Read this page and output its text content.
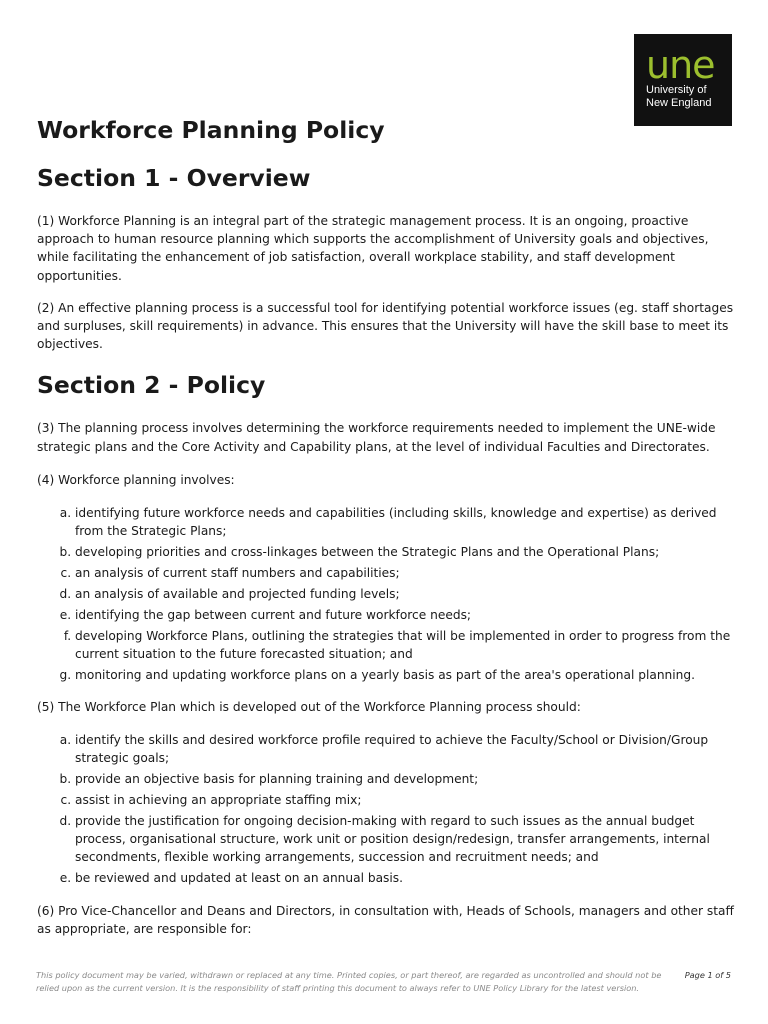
une
University of
New England
Workforce Planning Policy
Section 1 - Overview

(1) Workforce Planning is an integral part of the strategic management process. It is an ongoing, proactive approach to human resource planning which supports the accomplishment of University goals and objectives, while facilitating the enhancement of job satisfaction, overall workplace stability, and staff development opportunities.

(2) An effective planning process is a successful tool for identifying potential workforce issues (eg. staff shortages and surpluses, skill requirements) in advance. This ensures that the University will have the skill base to meet its objectives.

Section 2 - Policy

(3) The planning process involves determining the workforce requirements needed to implement the UNE-wide strategic plans and the Core Activity and Capability plans, at the level of individual Faculties and Directorates.

(4) Workforce planning involves:

a. identifying future workforce needs and capabilities (including skills, knowledge and expertise) as derived from the Strategic Plans;
b. developing priorities and cross-linkages between the Strategic Plans and the Operational Plans;
c. an analysis of current staff numbers and capabilities;
d. an analysis of available and projected funding levels;
e. identifying the gap between current and future workforce needs;
f. developing Workforce Plans, outlining the strategies that will be implemented in order to progress from the current situation to the future forecasted situation; and
g. monitoring and updating workforce plans on a yearly basis as part of the area's operational planning.

(5) The Workforce Plan which is developed out of the Workforce Planning process should:

a. identify the skills and desired workforce profile required to achieve the Faculty/School or Division/Group strategic goals;
b. provide an objective basis for planning training and development;
c. assist in achieving an appropriate staffing mix;
d. provide the justification for ongoing decision-making with regard to such issues as the annual budget process, organisational structure, work unit or position design/redesign, transfer arrangements, internal secondments, flexible working arrangements, succession and recruitment needs; and
e. be reviewed and updated at least on an annual basis.

(6) Pro Vice-Chancellor and Deans and Directors, in consultation with, Heads of Schools, managers and other staff as appropriate, are responsible for:

This policy document may be varied, withdrawn or replaced at any time. Printed copies, or part thereof, are regarded as uncontrolled and should not be relied upon as the current version. It is the responsibility of staff printing this document to always refer to UNE Policy Library for the latest version.
Page 1 of 5
